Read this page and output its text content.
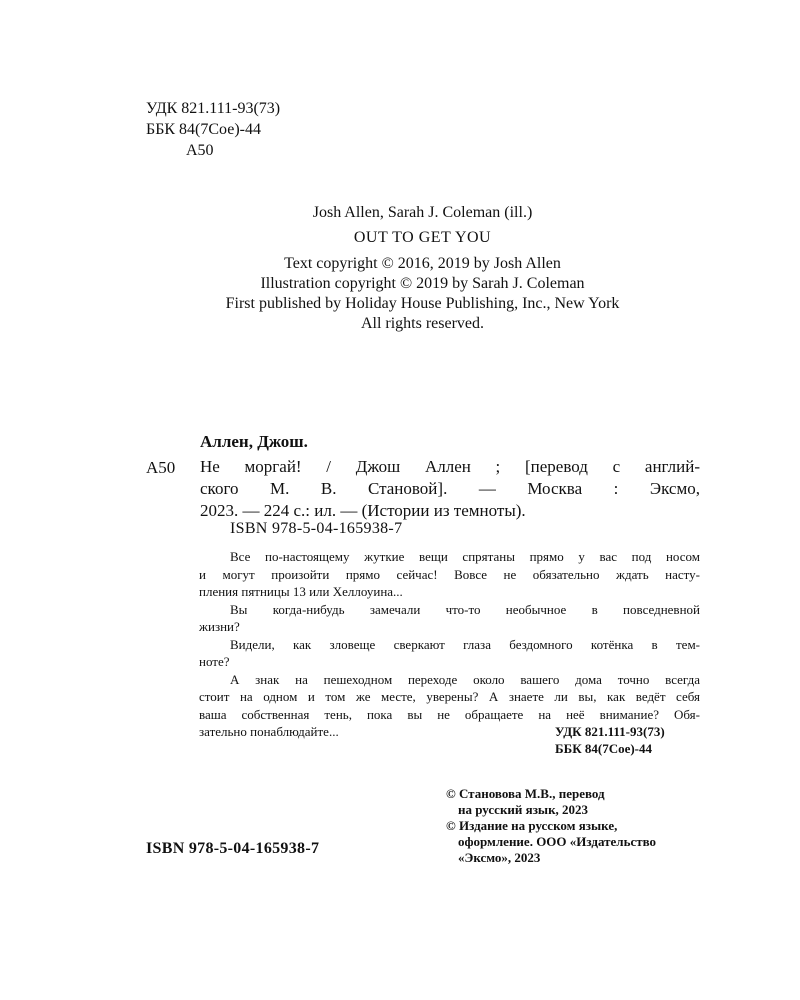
УДК 821.111-93(73)
ББК 84(7Сое)-44
А50
Josh Allen, Sarah J. Coleman (ill.)
OUT TO GET YOU
Text copyright © 2016, 2019 by Josh Allen
Illustration copyright © 2019 by Sarah J. Coleman
First published by Holiday House Publishing, Inc., New York
All rights reserved.
Аллен, Джош.
А50 Не моргай! / Джош Аллен ; [перевод с англий-
ского М. В. Становой]. — Москва : Эксмо,
2023. — 224 с.: ил. — (Истории из темноты).
ISBN 978-5-04-165938-7
Все по-настоящему жуткие вещи спрятаны прямо у вас под носом
и могут произойти прямо сейчас! Вовсе не обязательно ждать насту-
пления пятницы 13 или Хеллоуина...
Вы когда-нибудь замечали что-то необычное в повседневной
жизни?
Видели, как зловеще сверкают глаза бездомного котёнка в тем-
ноте?
А знак на пешеходном переходе около вашего дома точно всегда
стоит на одном и том же месте, уверены? А знаете ли вы, как ведёт себя
ваша собственная тень, пока вы не обращаете на неё внимание? Обя-
зательно понаблюдайте...	УДК 821.111-93(73)
ББК 84(7Сое)-44
© Становова М.В., перевод
на русский язык, 2023
© Издание на русском языке,
оформление. ООО «Издательство
«Эксмо», 2023
ISBN 978-5-04-165938-7
